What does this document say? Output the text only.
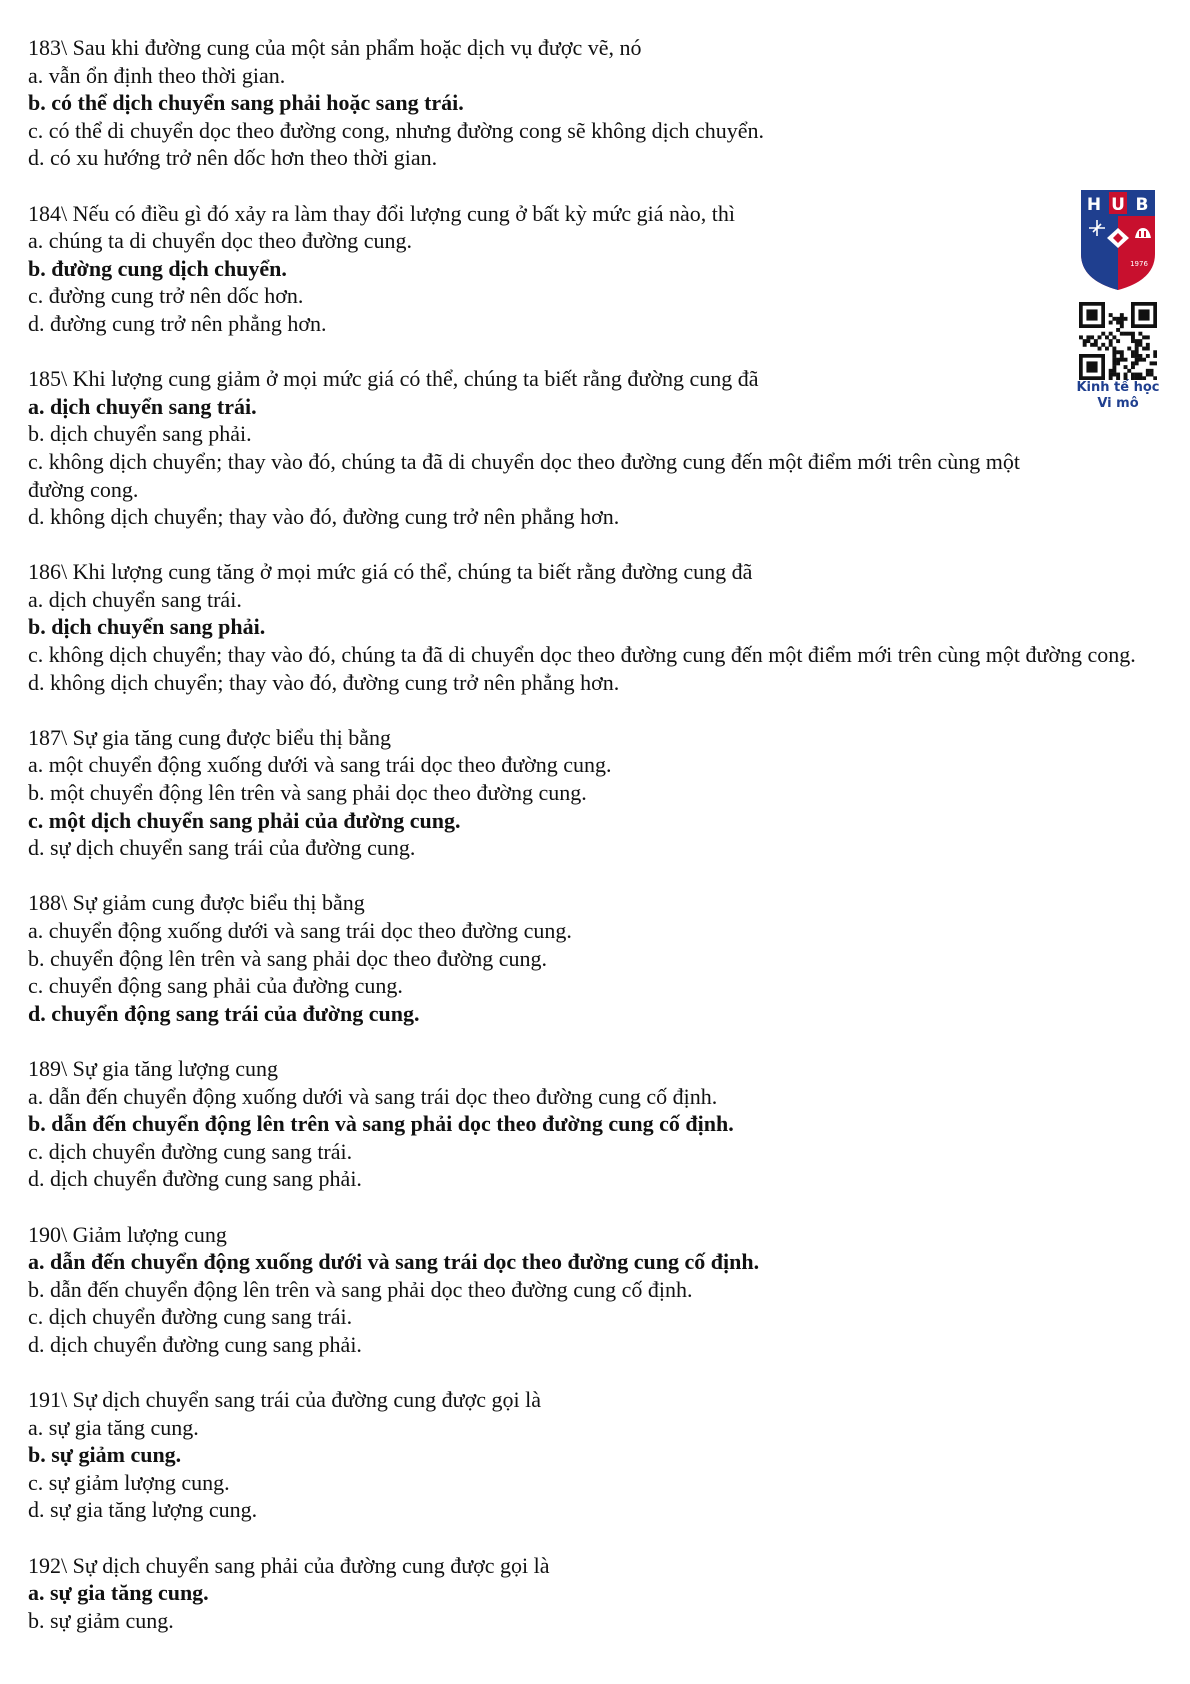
183\ Sau khi đường cung của một sản phẩm hoặc dịch vụ được vẽ, nó

a. vẫn ổn định theo thời gian.

b. có thể dịch chuyển sang phải hoặc sang trái.

c. có thể di chuyển dọc theo đường cong, nhưng đường cong sẽ không dịch chuyển.

d. có xu hướng trở nên dốc hơn theo thời gian.

184\ Nếu có điều gì đó xảy ra làm thay đổi lượng cung ở bất kỳ mức giá nào, thì

a. chúng ta di chuyển dọc theo đường cung.

b. đường cung dịch chuyển.

c. đường cung trở nên dốc hơn.

d. đường cung trở nên phẳng hơn.

185\ Khi lượng cung giảm ở mọi mức giá có thể, chúng ta biết rằng đường cung đã

a. dịch chuyển sang trái.

b. dịch chuyển sang phải.

c. không dịch chuyển; thay vào đó, chúng ta đã di chuyển dọc theo đường cung đến một điểm mới trên cùng một đường cong.

d. không dịch chuyển; thay vào đó, đường cung trở nên phẳng hơn.

186\ Khi lượng cung tăng ở mọi mức giá có thể, chúng ta biết rằng đường cung đã

a. dịch chuyển sang trái.

b. dịch chuyển sang phải.

c. không dịch chuyển; thay vào đó, chúng ta đã di chuyển dọc theo đường cung đến một điểm mới trên cùng một đường cong.

d. không dịch chuyển; thay vào đó, đường cung trở nên phẳng hơn.

187\ Sự gia tăng cung được biểu thị bằng

a. một chuyển động xuống dưới và sang trái dọc theo đường cung.

b. một chuyển động lên trên và sang phải dọc theo đường cung.

c. một dịch chuyển sang phải của đường cung.

d. sự dịch chuyển sang trái của đường cung.

188\ Sự giảm cung được biểu thị bằng

a. chuyển động xuống dưới và sang trái dọc theo đường cung.

b. chuyển động lên trên và sang phải dọc theo đường cung.

c. chuyển động sang phải của đường cung.

d. chuyển động sang trái của đường cung.

189\ Sự gia tăng lượng cung

a. dẫn đến chuyển động xuống dưới và sang trái dọc theo đường cung cố định.

b. dẫn đến chuyển động lên trên và sang phải dọc theo đường cung cố định.

c. dịch chuyển đường cung sang trái.

d. dịch chuyển đường cung sang phải.

190\ Giảm lượng cung

a. dẫn đến chuyển động xuống dưới và sang trái dọc theo đường cung cố định.

b. dẫn đến chuyển động lên trên và sang phải dọc theo đường cung cố định.

c. dịch chuyển đường cung sang trái.

d. dịch chuyển đường cung sang phải.

191\ Sự dịch chuyển sang trái của đường cung được gọi là

a. sự gia tăng cung.

b. sự giảm cung.

c. sự giảm lượng cung.

d. sự gia tăng lượng cung.

192\ Sự dịch chuyển sang phải của đường cung được gọi là

a. sự gia tăng cung.

b. sự giảm cung.

H U B
1976

Kinh tế học

Vi mô
